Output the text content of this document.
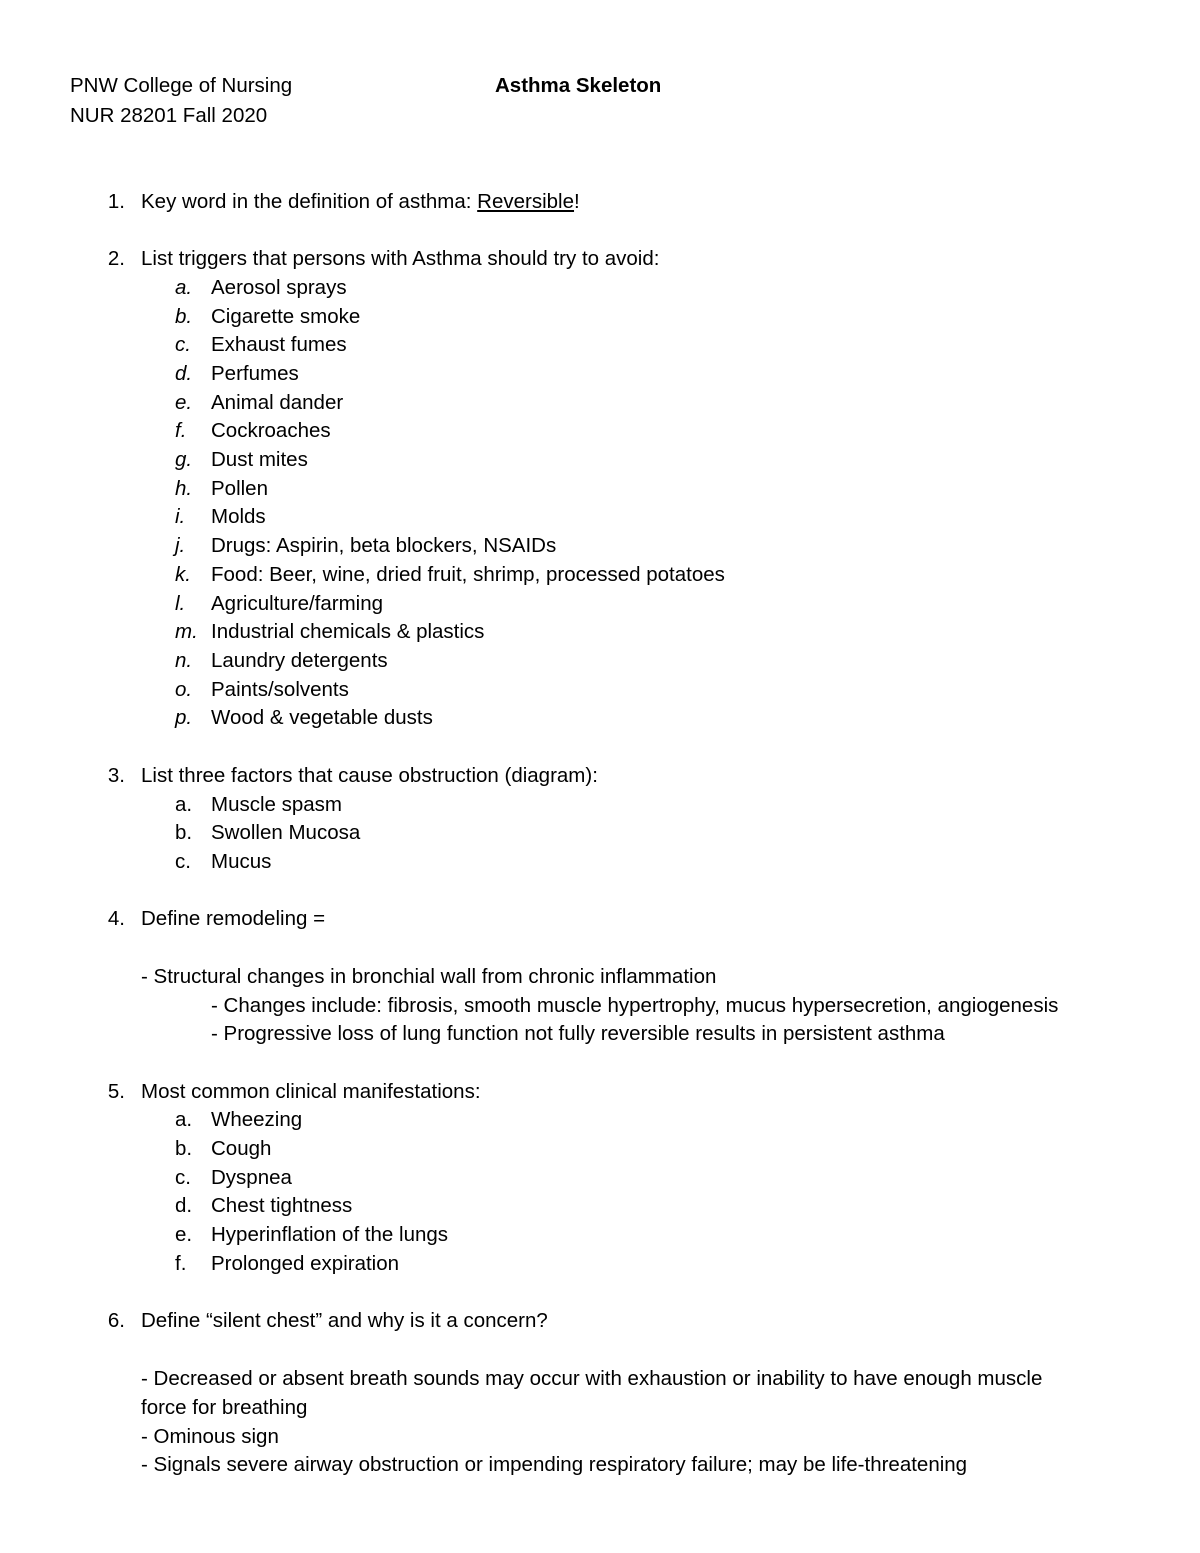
PNW College of Nursing	Asthma Skeleton
NUR 28201 Fall 2020
1. Key word in the definition of asthma: Reversible!
2. List triggers that persons with Asthma should try to avoid:
a. Aerosol sprays
b. Cigarette smoke
c. Exhaust fumes
d. Perfumes
e. Animal dander
f. Cockroaches
g. Dust mites
h. Pollen
i. Molds
j. Drugs: Aspirin, beta blockers, NSAIDs
k. Food: Beer, wine, dried fruit, shrimp, processed potatoes
l. Agriculture/farming
m. Industrial chemicals & plastics
n. Laundry detergents
o. Paints/solvents
p. Wood & vegetable dusts
3. List three factors that cause obstruction (diagram):
a. Muscle spasm
b. Swollen Mucosa
c. Mucus
4. Define remodeling =
- Structural changes in bronchial wall from chronic inflammation
- Changes include: fibrosis, smooth muscle hypertrophy, mucus hypersecretion, angiogenesis
- Progressive loss of lung function not fully reversible results in persistent asthma
5. Most common clinical manifestations:
a. Wheezing
b. Cough
c. Dyspnea
d. Chest tightness
e. Hyperinflation of the lungs
f. Prolonged expiration
6. Define “silent chest” and why is it a concern?
- Decreased or absent breath sounds may occur with exhaustion or inability to have enough muscle
force for breathing
- Ominous sign
- Signals severe airway obstruction or impending respiratory failure; may be life-threatening
